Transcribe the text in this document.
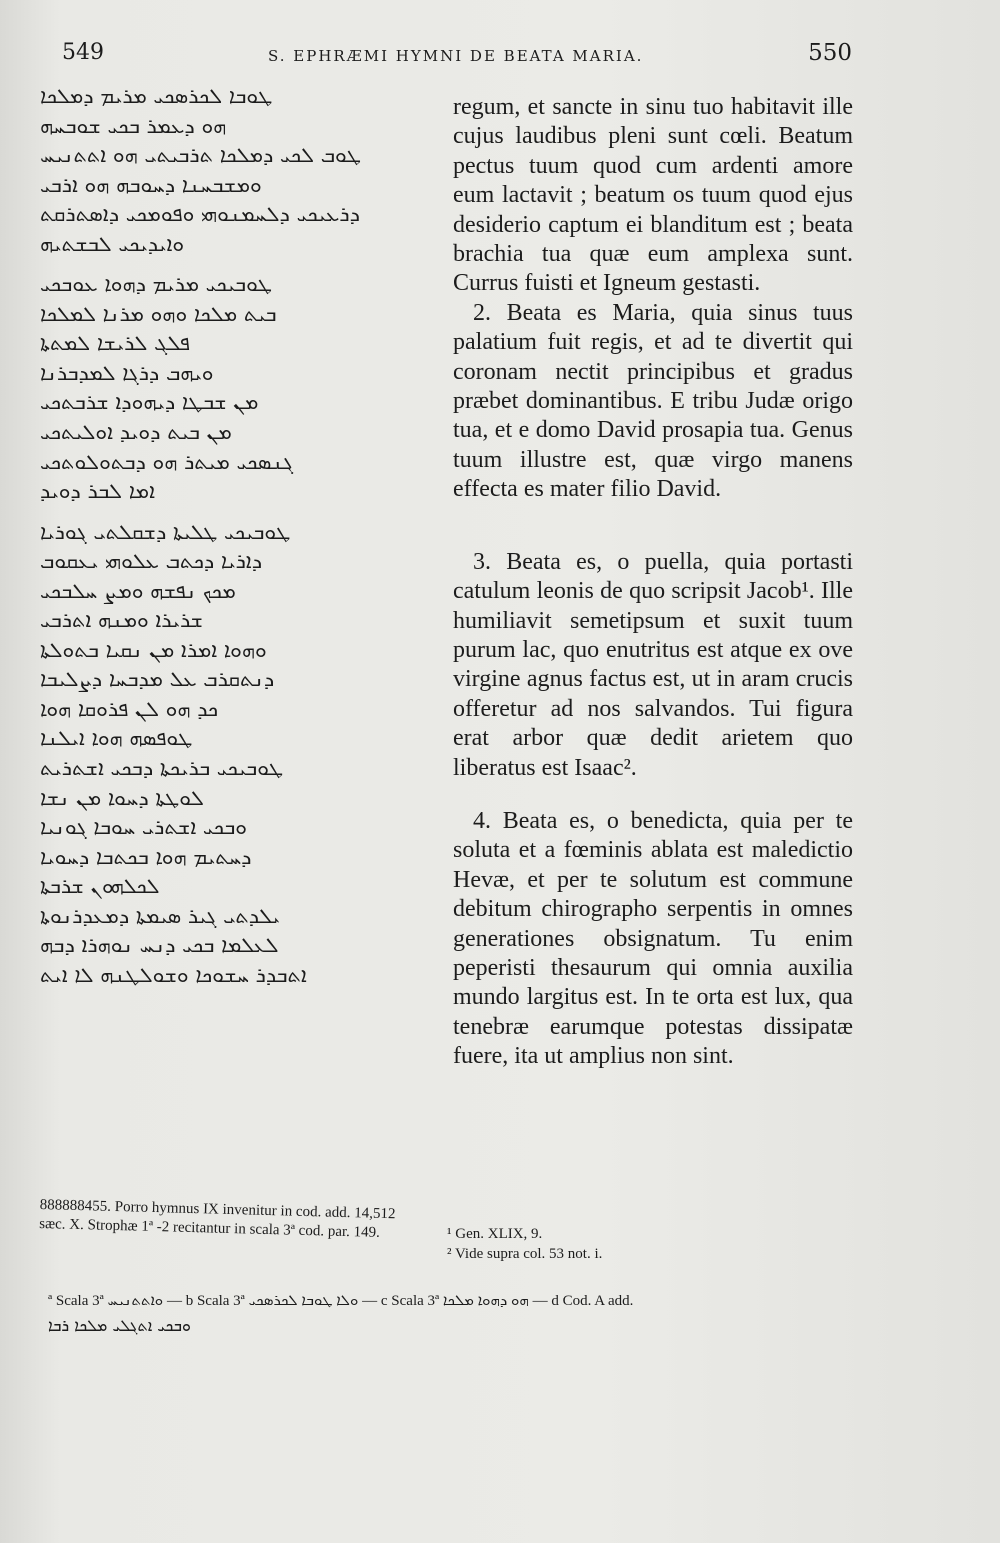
549	S. EPHRÆMI HYMNI DE BEATA MARIA.	550
ܛܘܒܐ ܠܟܪܣܟܝ ܡܪܝܡ ܕܡܠܟܐ
ܗܘ ܕܥܡܪ ܒܟܝ ܫܘܒܚܗ
ܛܘܒ ܠܟܝ ܕܡܠܟܐ ܬܪܒܝܬܝ ܗܘ ܐܬܬܢܝܚ
ܘܡܫܒܚܢܐ ܕܚܘܒܗ ܗܘ ܐܪܒܝ
ܕܪܥܝܟܝ ܕܠܚܡܢܘܗܝ ܘܦܘܡܟܝ ܕܐܣܬܪܩܬ
ܘܐܝܕܝܟܝ ܠܒܫܬܝܗ
ܛܘܒܝܟܝ ܡܪܝܡ ܕܗܘܐ ܥܘܒܟܝ
ܒܝܬ ܡܠܟܐ ܘܗܘ ܡܪܢܐ ܠܡܠܟܐ
ܦܠܓ ܠܪܝܫܐ ܠܡܬܬܐ
ܘܝܗܒ ܕܪܓܐ ܠܡܕܒܪܢܐ
ܡܢ ܫܒܛܐ ܕܝܗܘܕܐ ܫܪܒܬܟܝ
ܡܢ ܒܝܬ ܕܘܝܕ ܐܘܠܝܬܟܝ
ܓܢܣܟܝ ܡܝܬܪ ܗܘ ܕܒܬܘܠܘܬܟܝ
ܐܡܐ ܠܒܪ ܕܘܝܕ
ܛܘܒܝܟܝ ܛܠܝܬܐ ܕܫܩܠܬܝ ܓܘܪܝܐ
ܕܐܪܝܐ ܕܟܬܒ ܥܠܘܗܝ ܝܥܩܘܒ
ܡܟܟ ܢܦܫܗ ܘܡܨ ܚܠܒܟܝ
ܫܪܝܪܐ ܘܡܢܗ ܐܬܪܒܝ
ܘܗܘܐ ܐܡܪܐ ܡܢ ܢܩܝܐ ܒܬܘܠܬܐ
ܕܢܬܩܪܒ ܥܠ ܡܕܒܚܐ ܕܨܠܝܒܐ
ܟܕ ܗܘ ܠܢ ܦܪܘܩܐ ܗܘܐ
ܛܘܦܣܗ ܗܘܐ ܐܝܠܢܐ
ܛܘܒܝܟܝ ܒܪܝܟܬܐ ܕܒܟܝ ܐܫܬܪܝܬ
ܠܘܛܬܐ ܕܚܘܐ ܡܢ ܢܫܐ
ܘܒܟܝ ܐܫܬܪܝ ܚܘܒܐ ܓܘܢܝܐ
ܕܚܬܝܡ ܗܘܐ ܒܟܬܒܐ ܕܚܘܝܐ
ܠܟܠܗܘܢ ܫܪܒܬܐ
ܝܠܕܬܝ ܓܝܪ ܣܝܡܬܐ ܕܡܥܕܪܢܘܬܐ
ܠܥܠܡܐ ܒܟܝ ܕܢܚ ܢܘܗܪܐ ܕܒܗ
ܐܬܒܕܪ ܚܫܘܟܐ ܘܫܘܠܛܢܗ ܠܐ ܐܝܬ

regum, et sancte in sinu tuo habitavit ille cujus laudibus pleni sunt cœli. Beatum pectus tuum quod cum ardenti amore eum lactavit ; beatum os tuum quod ejus desiderio captum ei blanditum est ; beata brachia tua quæ eum amplexa sunt. Currus fuisti et Igneum gestasti.

2. Beata es Maria, quia sinus tuus palatium fuit regis, et ad te divertit qui coronam nectit principibus et gradus præbet dominantibus. E tribu Judæ origo tua, et e domo David prosapia tua. Genus tuum illustre est, quæ virgo manens effecta es mater filio David.

3. Beata es, o puella, quia portasti catulum leonis de quo scripsit Jacob¹. Ille humiliavit semetipsum et suxit tuum purum lac, quo enutritus est atque ex ove virgine agnus factus est, ut in aram crucis offeretur ad nos salvandos. Tui figura erat arbor quæ dedit arietem quo liberatus est Isaac².

4. Beata es, o benedicta, quia per te soluta et a fœminis ablata est maledictio Hevæ, et per te solutum est commune debitum chirographo serpentis in omnes generationes obsignatum. Tu enim peperisti thesaurum qui omnia auxilia mundo largitus est. In te orta est lux, qua tenebræ earumque potestas dissipatæ fuere, ita ut amplius non sint.

888888455. Porro hymnus IX invenitur in cod. add. 14,512 sæc. X. Strophæ 1ª -2 recitantur in scala 3ª cod. par. 149.	¹ Gen. XLIX, 9.
² Vide supra col. 53 not. i.
ª Scala 3ª ܘܐܬܬܢܝܚ — b Scala 3ª ܘܠܐ ܛܘܒܐ ܠܟܪܣܟܝ — c Scala 3ª ܗܘ ܕܗܘܐ ܡܠܟܐ — d Cod. A add.
ܘܒܟܝ ܐܬܓܠܝ ܡܠܟܐ ܪܒܐ
